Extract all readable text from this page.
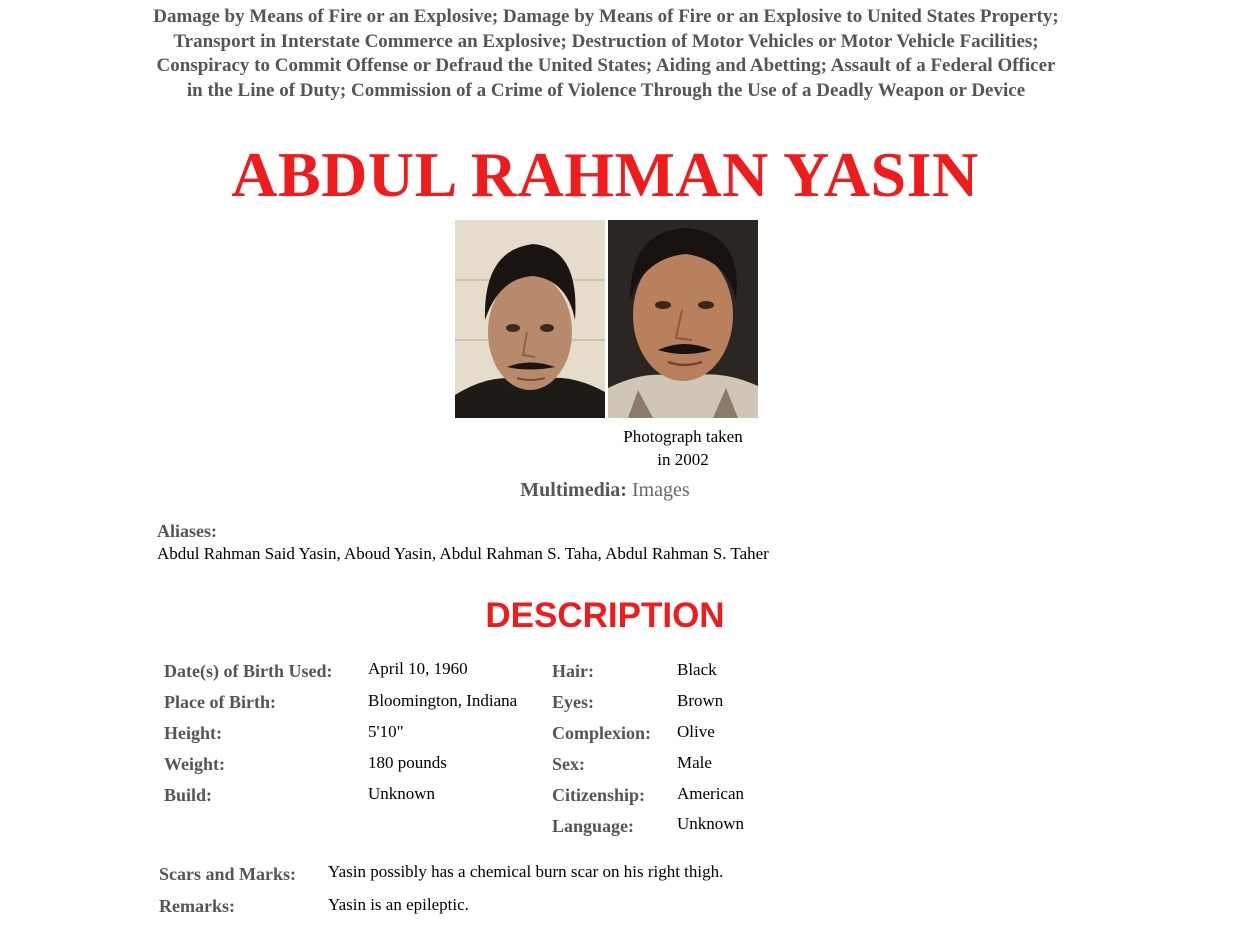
Damage by Means of Fire or an Explosive; Damage by Means of Fire or an Explosive to United States Property; Transport in Interstate Commerce an Explosive; Destruction of Motor Vehicles or Motor Vehicle Facilities; Conspiracy to Commit Offense or Defraud the United States; Aiding and Abetting; Assault of a Federal Officer in the Line of Duty; Commission of a Crime of Violence Through the Use of a Deadly Weapon or Device
ABDUL RAHMAN YASIN
Photograph taken
in 2002
Multimedia: Images
Aliases:
Abdul Rahman Said Yasin, Aboud Yasin, Abdul Rahman S. Taha, Abdul Rahman S. Taher
DESCRIPTION
Date(s) of Birth Used: April 10, 1960
Place of Birth:	Bloomington, Indiana
Height:	5'10"
Weight:	180 pounds
Build:	Unknown
Hair:	Black
Eyes:	Brown
Complexion: Olive
Sex:	Male
Citizenship: American
Language:	Unknown
Scars and Marks: Yasin possibly has a chemical burn scar on his right thigh.
Remarks:	Yasin is an epileptic.
